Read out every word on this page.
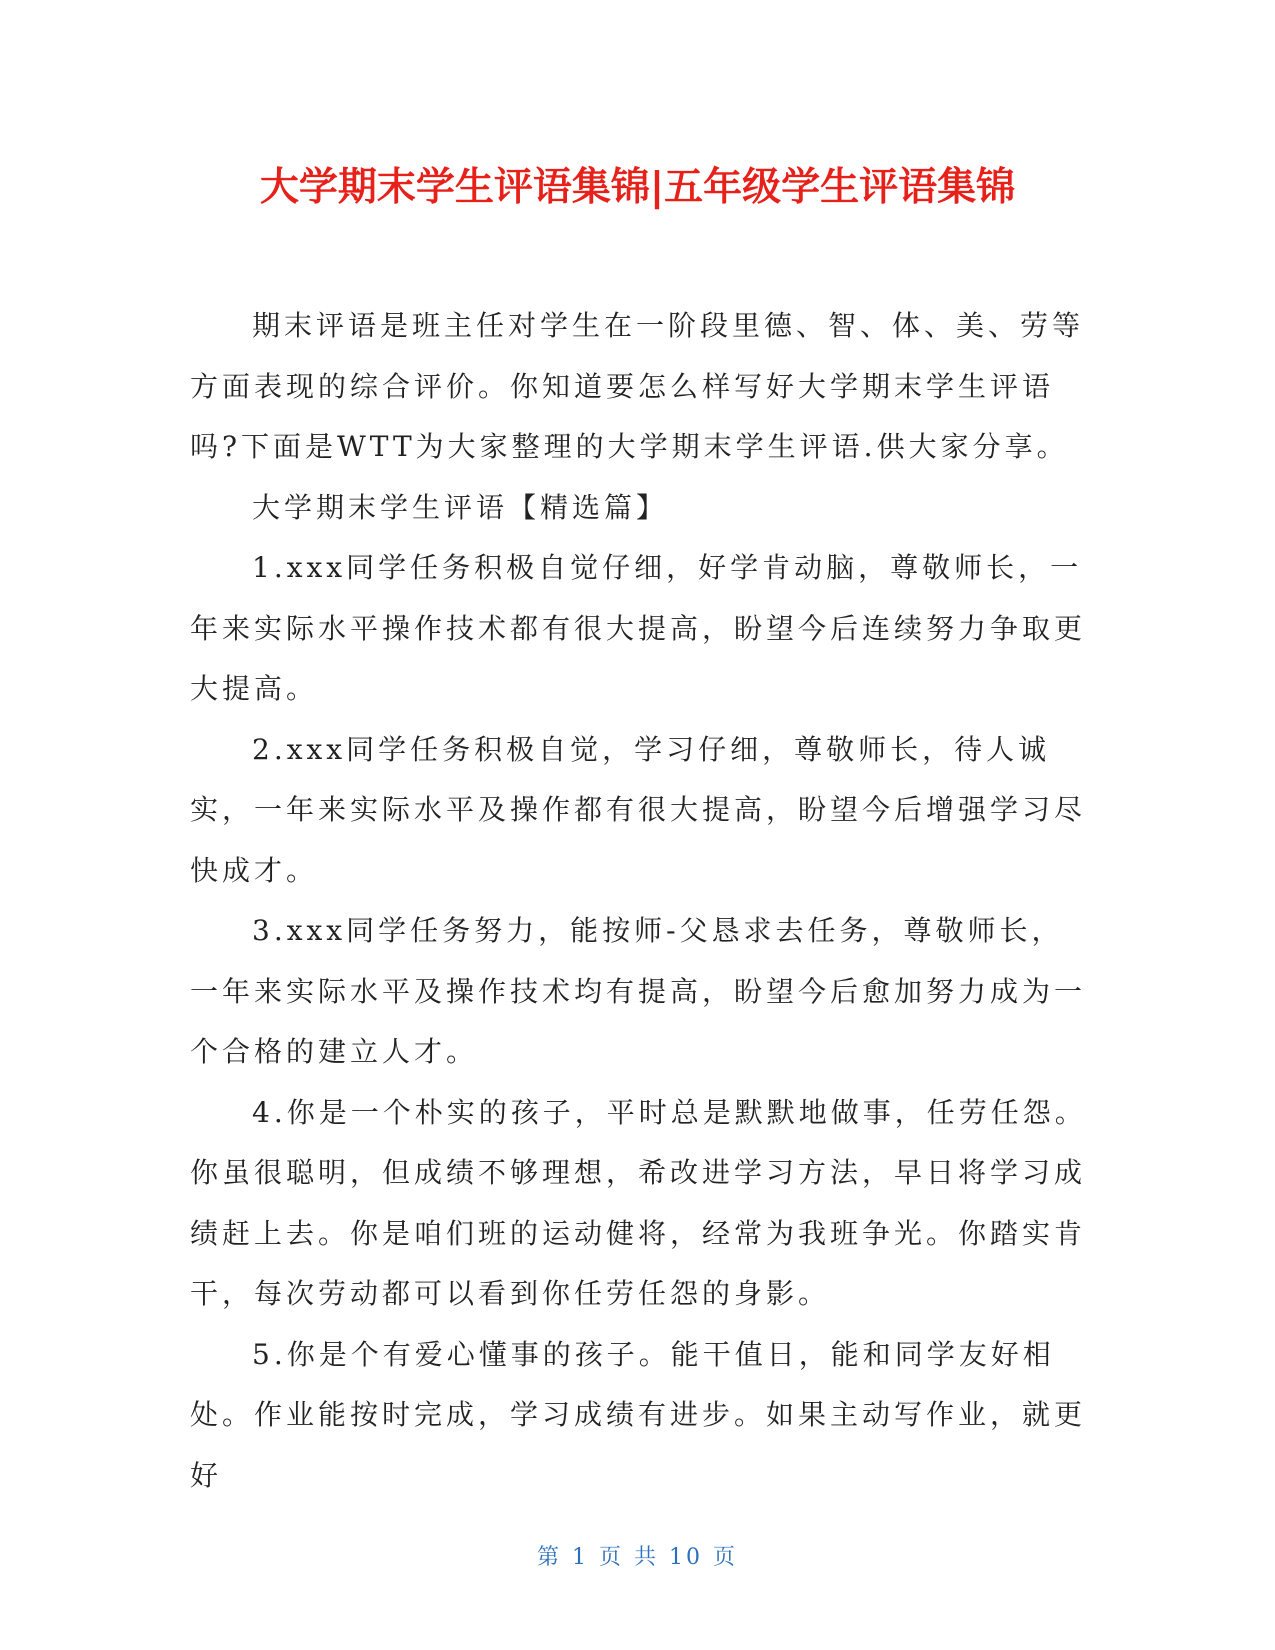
大学期末学生评语集锦|五年级学生评语集锦

期末评语是班主任对学生在一阶段里德、智、体、美、劳等方面表现的综合评价。你知道要怎么样写好大学期末学生评语吗?下面是WTT为大家整理的大学期末学生评语.供大家分享。

大学期末学生评语【精选篇】

1.xxx同学任务积极自觉仔细，好学肯动脑，尊敬师长，一年来实际水平操作技术都有很大提高，盼望今后连续努力争取更大提高。

2.xxx同学任务积极自觉，学习仔细，尊敬师长，待人诚实，一年来实际水平及操作都有很大提高，盼望今后增强学习尽快成才。

3.xxx同学任务努力，能按师-父恳求去任务，尊敬师长，一年来实际水平及操作技术均有提高，盼望今后愈加努力成为一个合格的建立人才。

4.你是一个朴实的孩子，平时总是默默地做事，任劳任怨。你虽很聪明，但成绩不够理想，希改进学习方法，早日将学习成绩赶上去。你是咱们班的运动健将，经常为我班争光。你踏实肯干，每次劳动都可以看到你任劳任怨的身影。

5.你是个有爱心懂事的孩子。能干值日，能和同学友好相处。作业能按时完成，学习成绩有进步。如果主动写作业，就更好

第 1 页 共 10 页
